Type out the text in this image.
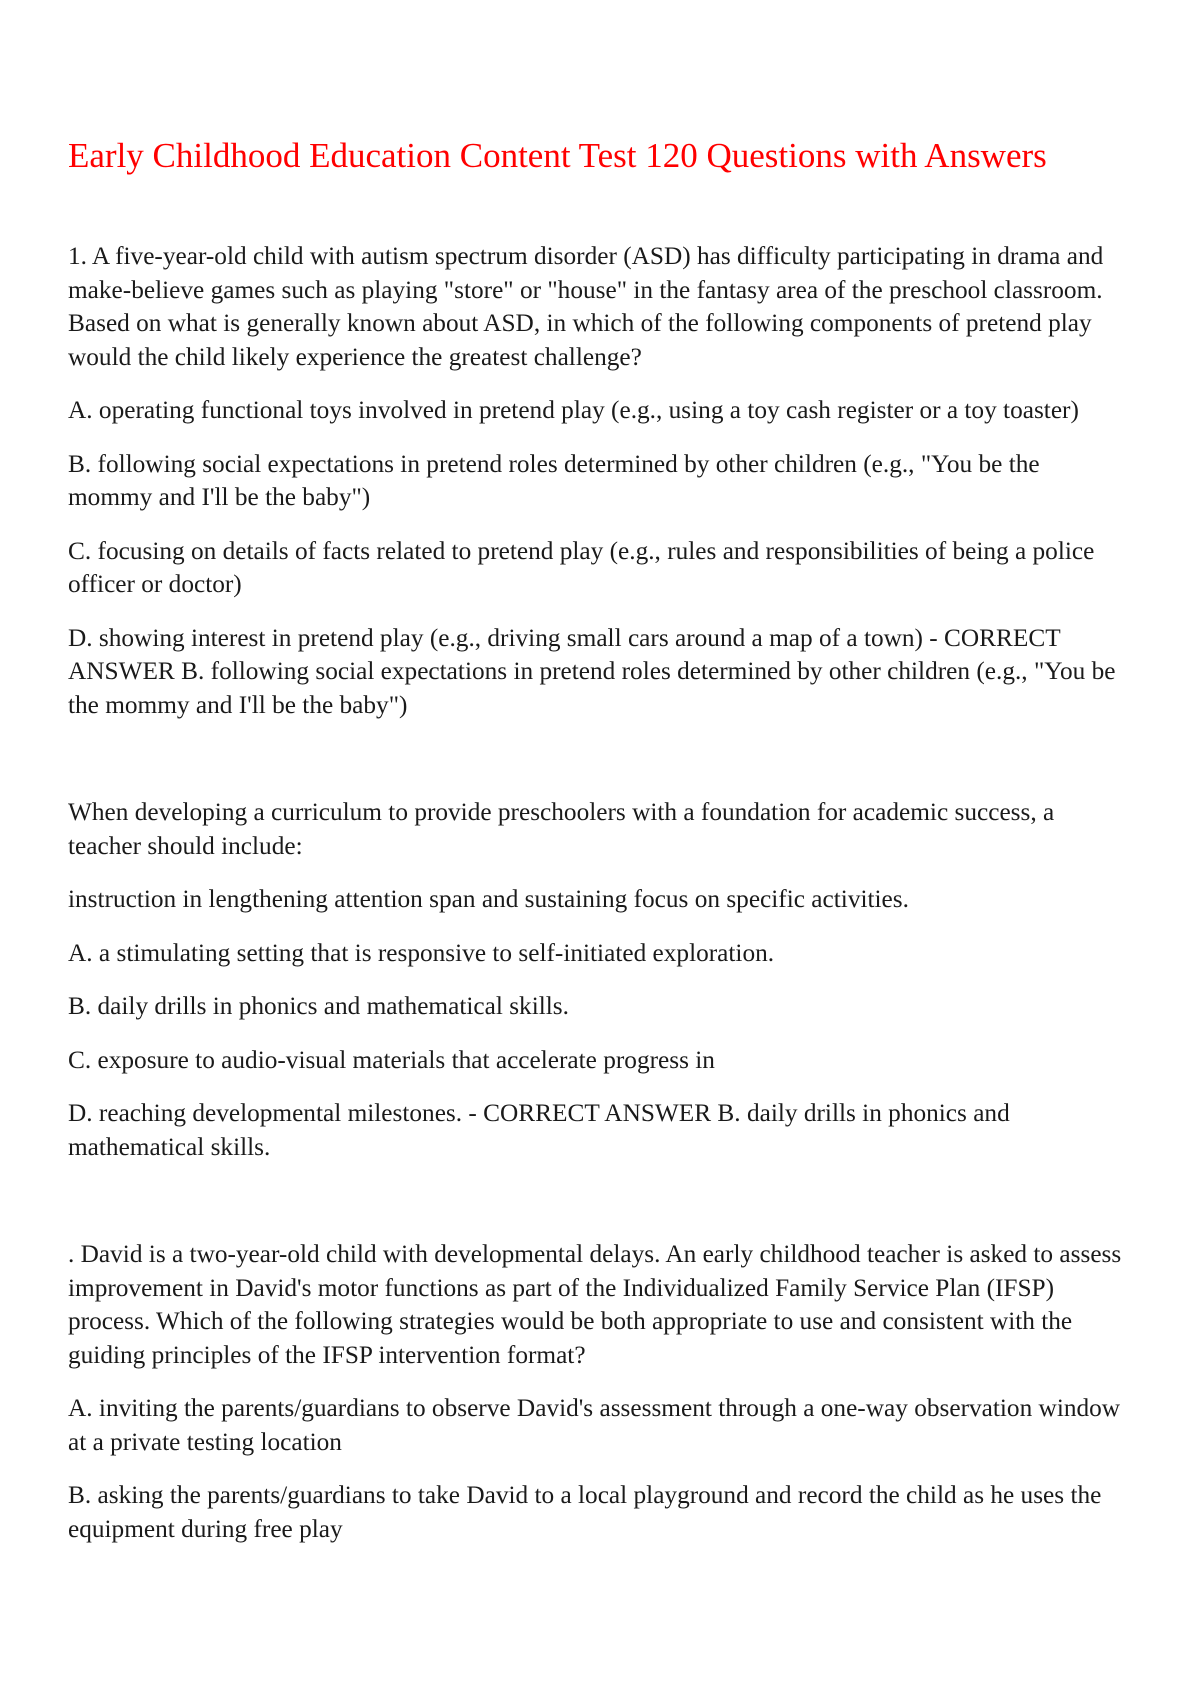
Early Childhood Education Content Test 120 Questions with Answers

1. A five-year-old child with autism spectrum disorder (ASD) has difficulty participating in drama and make-believe games such as playing "store" or "house" in the fantasy area of the preschool classroom. Based on what is generally known about ASD, in which of the following components of pretend play would the child likely experience the greatest challenge?

A. operating functional toys involved in pretend play (e.g., using a toy cash register or a toy toaster)

B. following social expectations in pretend roles determined by other children (e.g., "You be the mommy and I'll be the baby")

C. focusing on details of facts related to pretend play (e.g., rules and responsibilities of being a police officer or doctor)

D. showing interest in pretend play (e.g., driving small cars around a map of a town) - CORRECT ANSWER B. following social expectations in pretend roles determined by other children (e.g., "You be the mommy and I'll be the baby")

When developing a curriculum to provide preschoolers with a foundation for academic success, a teacher should include:

instruction in lengthening attention span and sustaining focus on specific activities.

A. a stimulating setting that is responsive to self-initiated exploration.

B. daily drills in phonics and mathematical skills.

C. exposure to audio-visual materials that accelerate progress in

D. reaching developmental milestones. - CORRECT ANSWER B. daily drills in phonics and mathematical skills.

. David is a two-year-old child with developmental delays. An early childhood teacher is asked to assess improvement in David's motor functions as part of the Individualized Family Service Plan (IFSP) process. Which of the following strategies would be both appropriate to use and consistent with the guiding principles of the IFSP intervention format?

A. inviting the parents/guardians to observe David's assessment through a one-way observation window at a private testing location

B. asking the parents/guardians to take David to a local playground and record the child as he uses the equipment during free play
